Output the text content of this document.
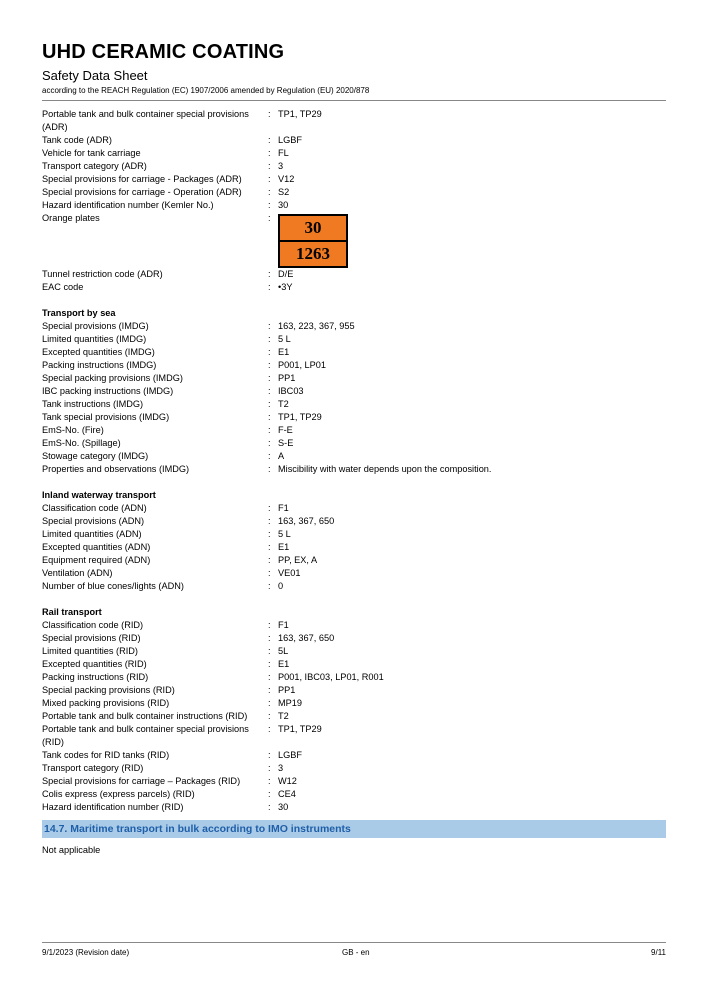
UHD CERAMIC COATING
Safety Data Sheet
according to the REACH Regulation (EC) 1907/2006 amended by Regulation (EU) 2020/878
Portable tank and bulk container special provisions
(ADR)
: TP1, TP29
Tank code (ADR)	: LGBF
Vehicle for tank carriage	: FL
Transport category (ADR)	: 3
Special provisions for carriage - Packages (ADR)	: V12
Special provisions for carriage - Operation (ADR)	: S2
Hazard identification number (Kemler No.)	: 30
Orange plates	:	30
1263
Tunnel restriction code (ADR)	: D/E
EAC code	: •3Y
Transport by sea
Special provisions (IMDG)	: 163, 223, 367, 955
Limited quantities (IMDG)	: 5 L
Excepted quantities (IMDG)	: E1
Packing instructions (IMDG)	: P001, LP01
Special packing provisions (IMDG)	: PP1
IBC packing instructions (IMDG)	: IBC03
Tank instructions (IMDG)	: T2
Tank special provisions (IMDG)	: TP1, TP29
EmS-No. (Fire)	: F-E
EmS-No. (Spillage)	: S-E
Stowage category (IMDG)	: A
Properties and observations (IMDG)	: Miscibility with water depends upon the composition.
Inland waterway transport
Classification code (ADN)	: F1
Special provisions (ADN)	: 163, 367, 650
Limited quantities (ADN)	: 5 L
Excepted quantities (ADN)	: E1
Equipment required (ADN)	: PP, EX, A
Ventilation (ADN)	: VE01
Number of blue cones/lights (ADN)	: 0
Rail transport
Classification code (RID)	: F1
Special provisions (RID)	: 163, 367, 650
Limited quantities (RID)	: 5L
Excepted quantities (RID)	: E1
Packing instructions (RID)	: P001, IBC03, LP01, R001
Special packing provisions (RID)	: PP1
Mixed packing provisions (RID)	: MP19
Portable tank and bulk container instructions (RID)	: T2
Portable tank and bulk container special provisions
(RID)
: TP1, TP29
Tank codes for RID tanks (RID)	: LGBF
Transport category (RID)	: 3
Special provisions for carriage – Packages (RID)	: W12
Colis express (express parcels) (RID)	: CE4
Hazard identification number (RID)	: 30
14.7. Maritime transport in bulk according to IMO instruments
Not applicable
9/1/2023 (Revision date)	GB - en	9/11
